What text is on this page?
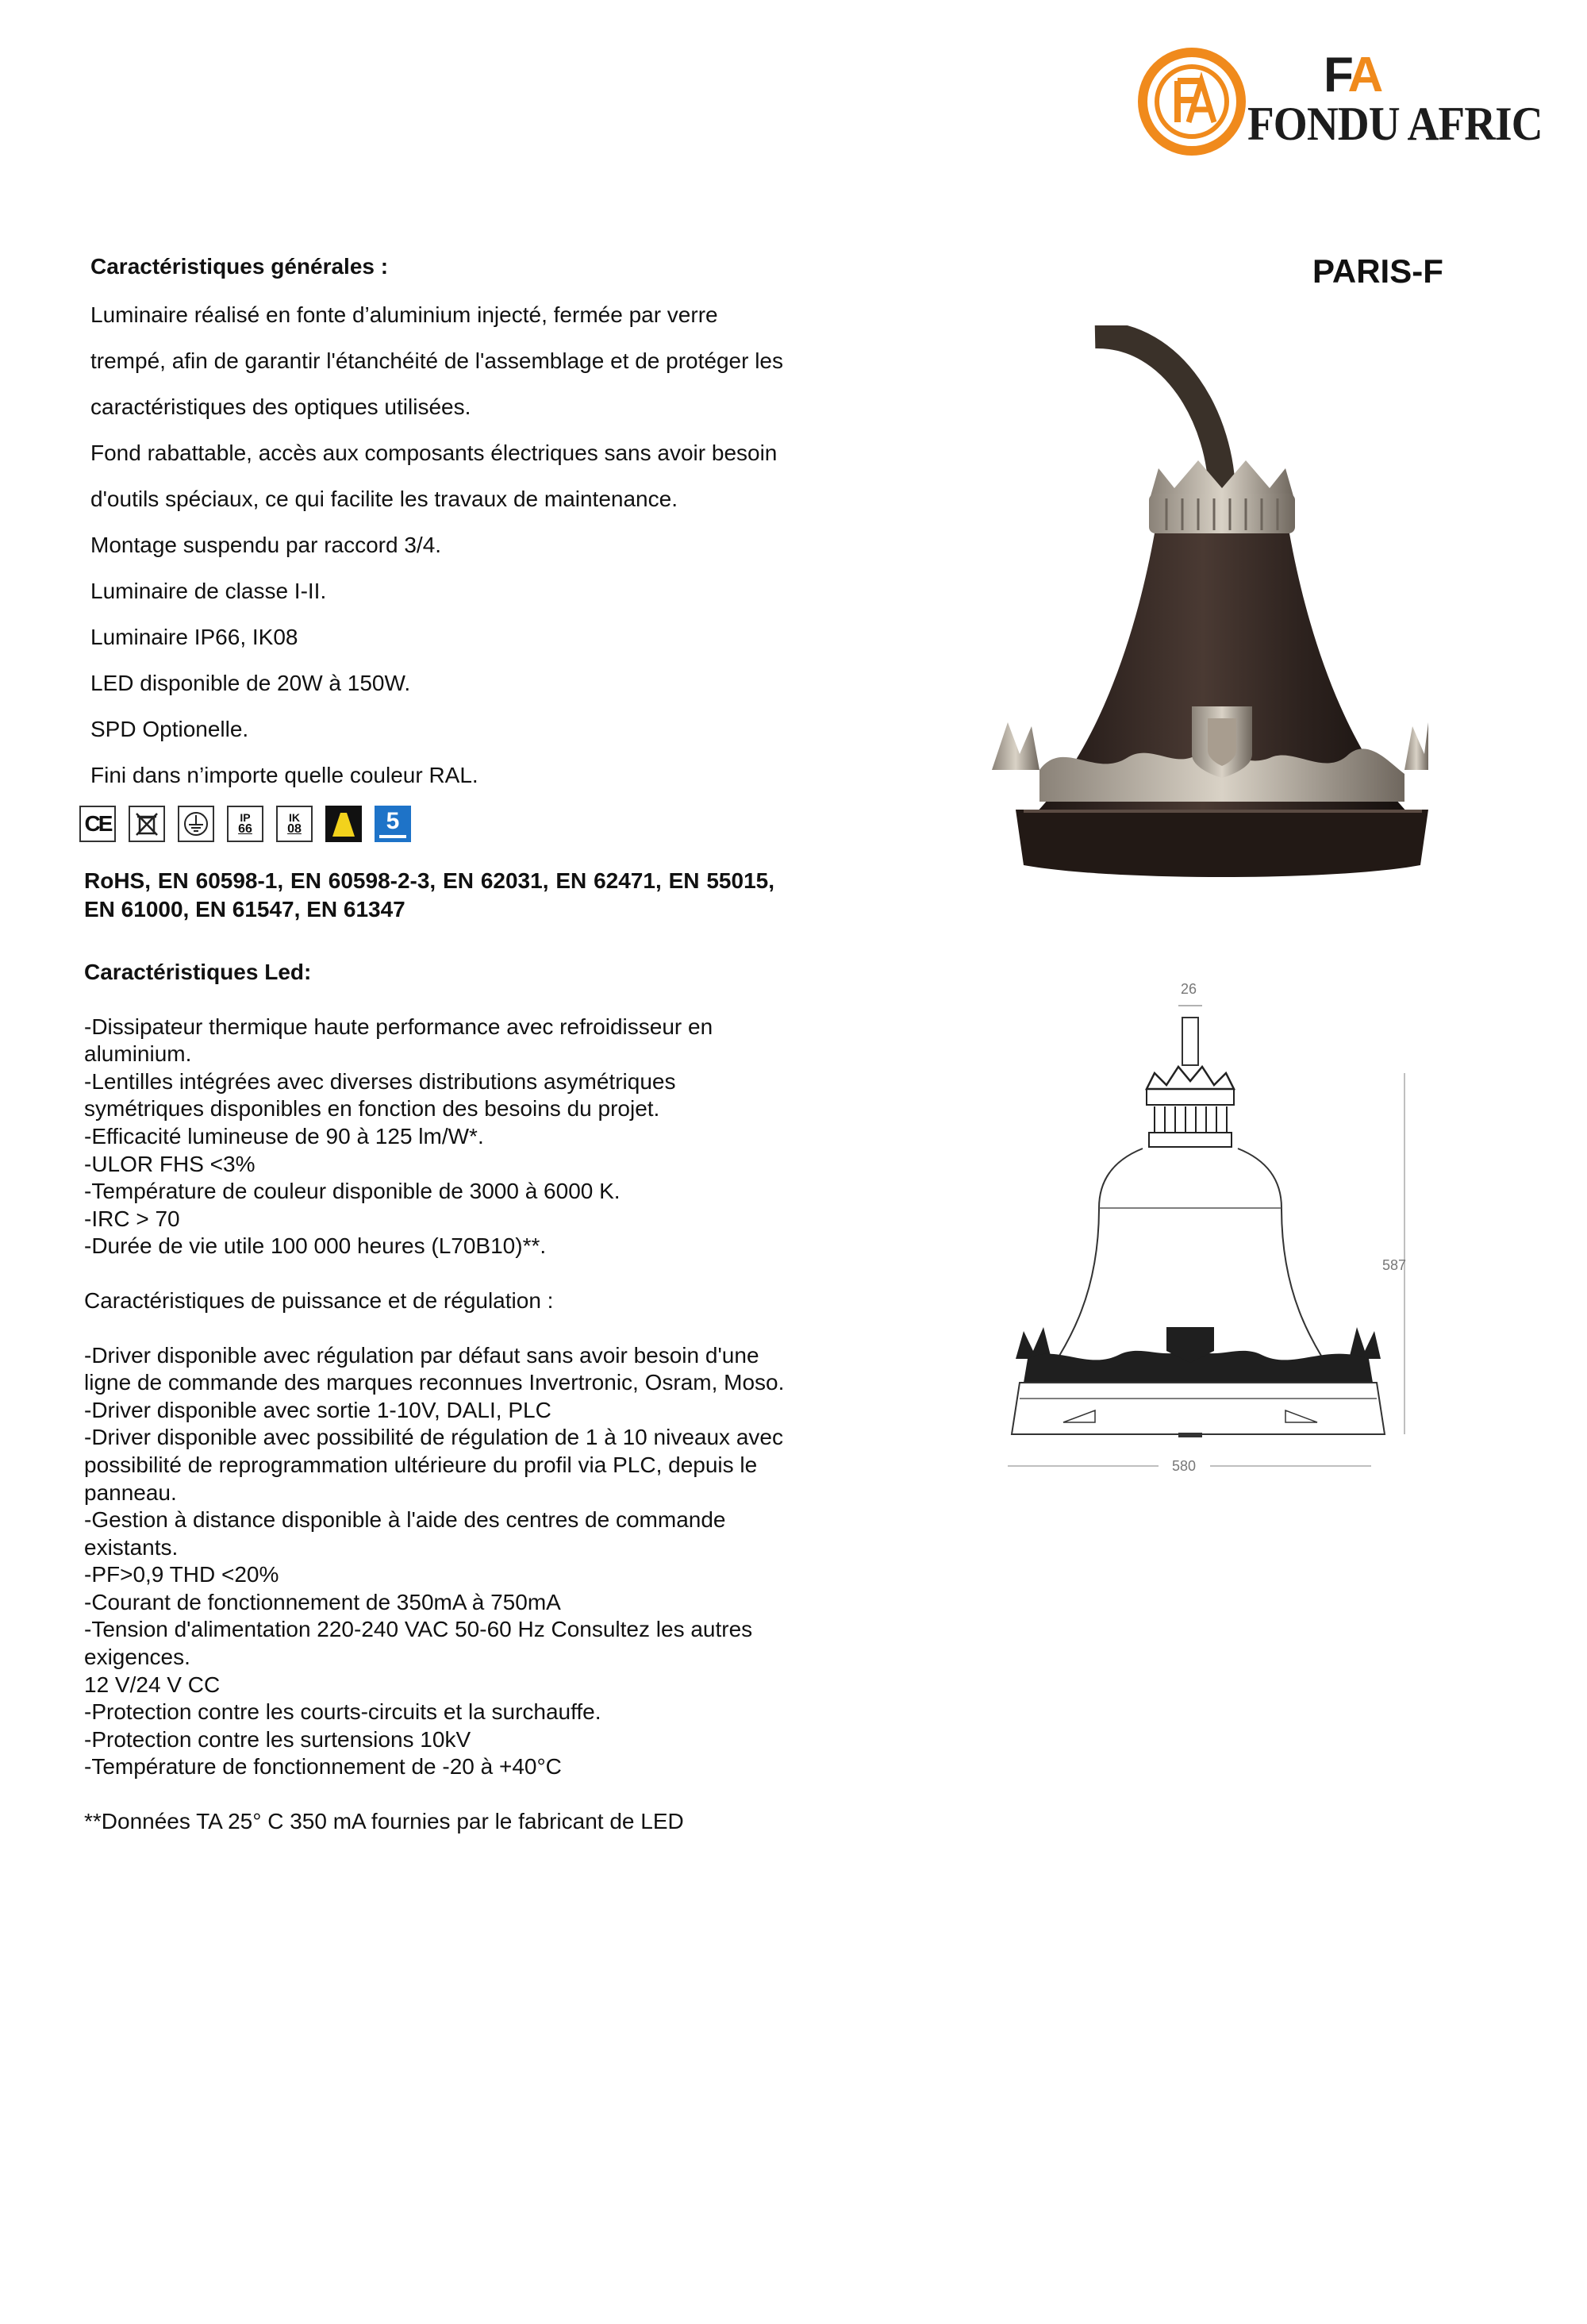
FA
FONDU AFRIC
PARIS-F
Caractéristiques générales :
Luminaire réalisé en fonte d’aluminium injecté, fermée par verre
trempé, afin de garantir l'étanchéité de l'assemblage et de protéger les
caractéristiques des optiques utilisées.
Fond rabattable, accès aux composants électriques sans avoir besoin
d'outils spéciaux, ce qui facilite les travaux de maintenance.
Montage suspendu par raccord 3/4.
Luminaire de classe I-II.
Luminaire IP66, IK08
LED disponible de 20W à 150W.
SPD Optionelle.
Fini dans n’importe quelle couleur RAL.
CE	IP
66
IK
08	5
RoHS, EN 60598-1, EN 60598-2-3, EN 62031, EN 62471, EN 55015, EN 61000, EN 61547, EN 61347
Caractéristiques Led:
-Dissipateur thermique haute performance avec refroidisseur en
aluminium.
-Lentilles intégrées avec diverses distributions asymétriques
symétriques disponibles en fonction des besoins du projet.
-Efficacité lumineuse de 90 à 125 lm/W*.
-ULOR FHS <3%
-Température de couleur disponible de 3000 à 6000 K.
-IRC > 70
-Durée de vie utile 100 000 heures (L70B10)**.
Caractéristiques de puissance et de régulation :
-Driver disponible avec régulation par défaut sans avoir besoin d'une
ligne de commande des marques reconnues Invertronic, Osram, Moso.
-Driver disponible avec sortie 1-10V, DALI, PLC
-Driver disponible avec possibilité de régulation de 1 à 10 niveaux avec
possibilité de reprogrammation ultérieure du profil via PLC, depuis le
panneau.
-Gestion à distance disponible à l'aide des centres de commande
existants.
-PF>0,9 THD <20%
-Courant de fonctionnement de 350mA à 750mA
-Tension d'alimentation 220-240 VAC 50-60 Hz Consultez les autres
exigences.
12 V/24 V CC
-Protection contre les courts-circuits et la surchauffe.
-Protection contre les surtensions 10kV
-Température de fonctionnement de -20 à +40°C
**Données TA 25° C 350 mA fournies par le fabricant de LED
26
587
580
